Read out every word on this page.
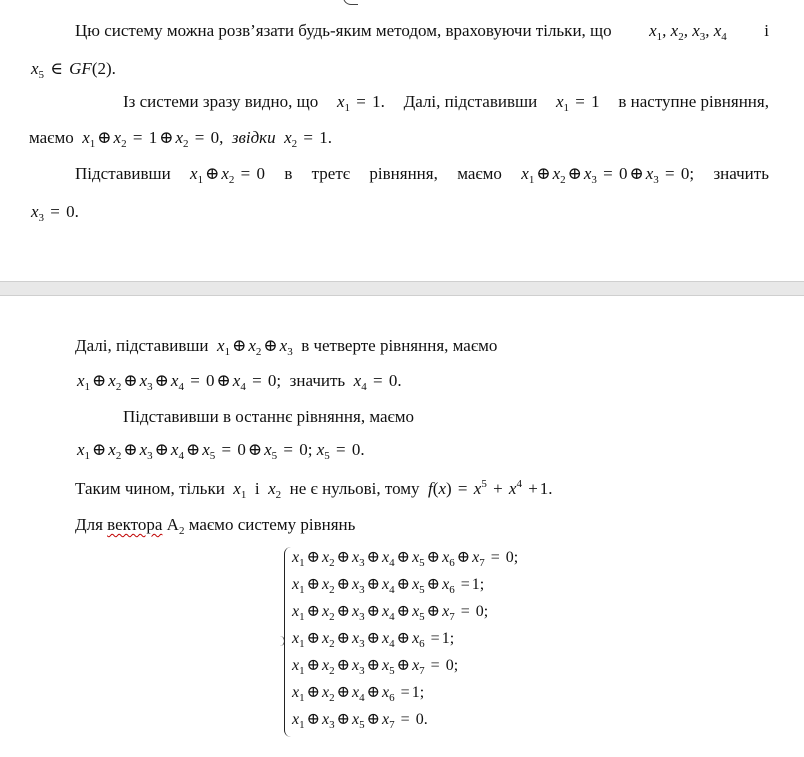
Цю систему можна розв’язати будь-яким методом, враховуючи тільки, що $x_1$, $x_2$, $x_3$, $x_4$ і
$x_5$ ∈ GF(2).
Із системи зразу видно, що $x_1 = 1$. Далі, підставивши $x_1 = 1$ в наступне рівняння,
маємо $x_1$ ⊕ $x_2 = 1$ ⊕ $x_2 = 0$, звідки $x_2 = 1$.
Підставивши $x_1$ ⊕ $x_2 = 0$ в третє рівняння, маємо $x_1$ ⊕ $x_2$ ⊕ $x_3 = 0$ ⊕ $x_3 = 0$; значить
$x_3 = 0$.
Далі, підставивши $x_1$ ⊕ $x_2$ ⊕ $x_3$ в четверте рівняння, маємо
$x_1$ ⊕ $x_2$ ⊕ $x_3$ ⊕ $x_4 = 0$ ⊕ $x_4 = 0$; значить $x_4 = 0$.
Підставивши в останнє рівняння, маємо
$x_1$ ⊕ $x_2$ ⊕ $x_3$ ⊕ $x_4$ ⊕ $x_5 = 0$ ⊕ $x_5 = 0$; $x_5 = 0$.
Таким чином, тільки $x_1$ і $x_2$ не є нульові, тому $f(x) = x^5 + x^4 + 1$.
Для вектора $А_2$ маємо систему рівнянь
$x_1$ ⊕ $x_2$ ⊕ $x_3$ ⊕ $x_4$ ⊕ $x_5$ ⊕ $x_6$ ⊕ $x_7 = 0$;
$x_1$ ⊕ $x_2$ ⊕ $x_3$ ⊕ $x_4$ ⊕ $x_5$ ⊕ $x_6 = 1$;
$x_1$ ⊕ $x_2$ ⊕ $x_3$ ⊕ $x_4$ ⊕ $x_5$ ⊕ $x_7 = 0$;
$x_1$ ⊕ $x_2$ ⊕ $x_3$ ⊕ $x_4$ ⊕ $x_6 = 1$;
$x_1$ ⊕ $x_2$ ⊕ $x_3$ ⊕ $x_5$ ⊕ $x_7 = 0$;
$x_1$ ⊕ $x_2$ ⊕ $x_4$ ⊕ $x_6 = 1$;
$x_1$ ⊕ $x_3$ ⊕ $x_5$ ⊕ $x_7 = 0$.
